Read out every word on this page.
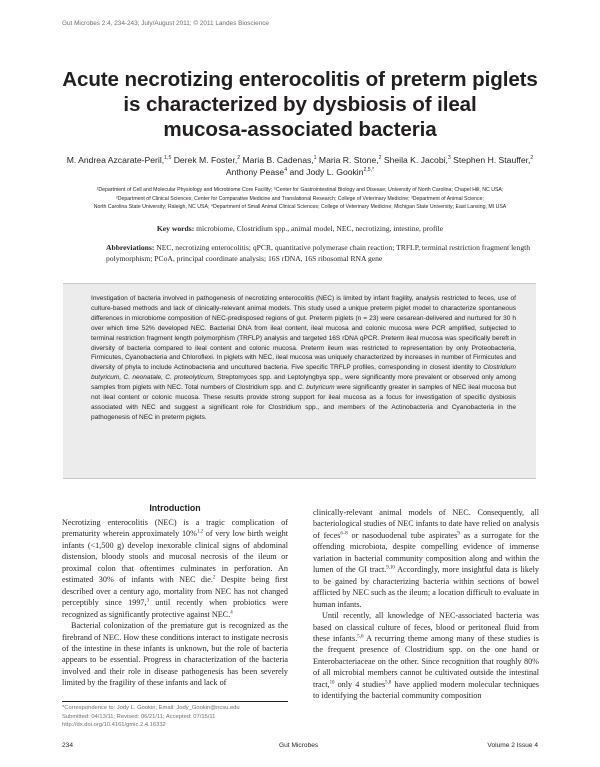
Gut Microbes 2:4, 234-243; July/August 2011; © 2011 Landes Bioscience
Acute necrotizing enterocolitis of preterm piglets
is characterized by dysbiosis of ileal
mucosa-associated bacteria
M. Andrea Azcarate-Peril,$^{1,5}$ Derek M. Foster,$^2$ Maria B. Cadenas,$^1$ Maria R. Stone,$^2$ Sheila K. Jacobi,$^3$ Stephen H. Stauffer,$^2$
Anthony Pease$^4$ and Jody L. Gookin$^{2,5,*}$
¹Department of Cell and Molecular Physiology and Microbiome Core Facility; ⁵Center for Gastrointestinal Biology and Disease; University of North Carolina; Chapel Hill, NC USA;
²Department of Clinical Sciences; Center for Comparative Medicine and Translational Research; College of Veterinary Medicine; ³Department of Animal Science;
North Carolina State University; Raleigh, NC USA; ⁴Department of Small Animal Clinical Sciences; College of Veterinary Medicine; Michigan State University; East Lansing, MI USA
Key words: microbiome, Clostridium spp., animal model, NEC, necrotizing, intestine, profile
Abbreviations: NEC, necrotizing enterocolitis; qPCR, quantitative polymerase chain reaction; TRFLP, terminal restriction fragment length polymorphism; PCoA, principal coordinate analysis; 16S rDNA, 16S ribosomal RNA gene
Investigation of bacteria involved in pathogenesis of necrotizing enterocolitis (NEC) is limited by infant fragility, analysis restricted to feces, use of culture-based methods and lack of clinically-relevant animal models. This study used a unique preterm piglet model to characterize spontaneous differences in microbiome composition of NEC-predisposed regions of gut. Preterm piglets (n = 23) were cesarean-delivered and nurtured for 30 h over which time 52% developed NEC. Bacterial DNA from ileal content, ileal mucosa and colonic mucosa were PCR amplified, subjected to terminal restriction fragment length polymorphism (TRFLP) analysis and targeted 16S rDNA qPCR. Preterm ileal mucosa was specifically bereft in diversity of bacteria compared to ileal content and colonic mucosa. Preterm ileum was restricted to representation by only Proteobacteria, Firmicutes, Cyanobacteria and Chloroflexi. In piglets with NEC, ileal mucosa was uniquely characterized by increases in number of Firmicutes and diversity of phyla to include Actinobacteria and uncultured bacteria. Five specific TRFLP profiles, corresponding in closest identity to Clostridium butyricum, C. neonatale, C. proteolyticum, Streptomyces spp. and Leptolyngbya spp., were significantly more prevalent or observed only among samples from piglets with NEC. Total numbers of Clostridium spp. and C. butyricum were significantly greater in samples of NEC ileal mucosa but not ileal content or colonic mucosa. These results provide strong support for ileal mucosa as a focus for investigation of specific dysbiosis associated with NEC and suggest a significant role for Clostridium spp., and members of the Actinobacteria and Cyanobacteria in the pathogenesis of NEC in preterm piglets.
Introduction

Necrotizing enterocolitis (NEC) is a tragic complication of prematurity wherein approximately 10%$^{1,2}$ of very low birth weight infants (<1,500 g) develop inexorable clinical signs of abdominal distension, bloody stools and mucosal necrosis of the ileum or proximal colon that oftentimes culminates in perforation. An estimated 30% of infants with NEC die.$^2$ Despite being first described over a century ago, mortality from NEC has not changed perceptibly since 1997,$^3$ until recently when probiotics were recognized as significantly protective against NEC.$^4$

Bacterial colonization of the premature gut is recognized as the firebrand of NEC. How these conditions interact to instigate necrosis of the intestine in these infants is unknown, but the role of bacteria appears to be essential. Progress in characterization of the bacteria involved and their role in disease pathogenesis has been severely limited by the fragility of these infants and lack of

clinically-relevant animal models of NEC. Consequently, all bacteriological studies of NEC infants to date have relied on analysis of feces$^{6-8}$ or nasoduodenal tube aspirates$^9$ as a surrogate for the offending microbiota, despite compelling evidence of immense variation in bacterial community composition along and within the lumen of the GI tract.$^{9,10}$ Accordingly, more insightful data is likely to be gained by characterizing bacteria within sections of bowel afflicted by NEC such as the ileum; a location difficult to evaluate in human infants.

Until recently, all knowledge of NEC-associated bacteria was based on classical culture of feces, blood or peritoneal fluid from these infants.$^{5,6}$ A recurring theme among many of these studies is the frequent presence of Clostridium spp. on the one hand or Enterobacteriaceae on the other. Since recognition that roughly 80% of all microbial members cannot be cultivated outside the intestinal tract,$^{10}$ only 4 studies$^{5,8}$ have applied modern molecular techniques to identifying the bacterial community composition

*Correspondence to: Jody L. Gookin; Email: Jody_Gookin@ncsu.edu
Submitted: 04/13/11; Revised: 06/21/11; Accepted: 07/15/11
http://dx.doi.org/10.4161/gmic.2.4.16332
234	Gut Microbes	Volume 2 Issue 4
